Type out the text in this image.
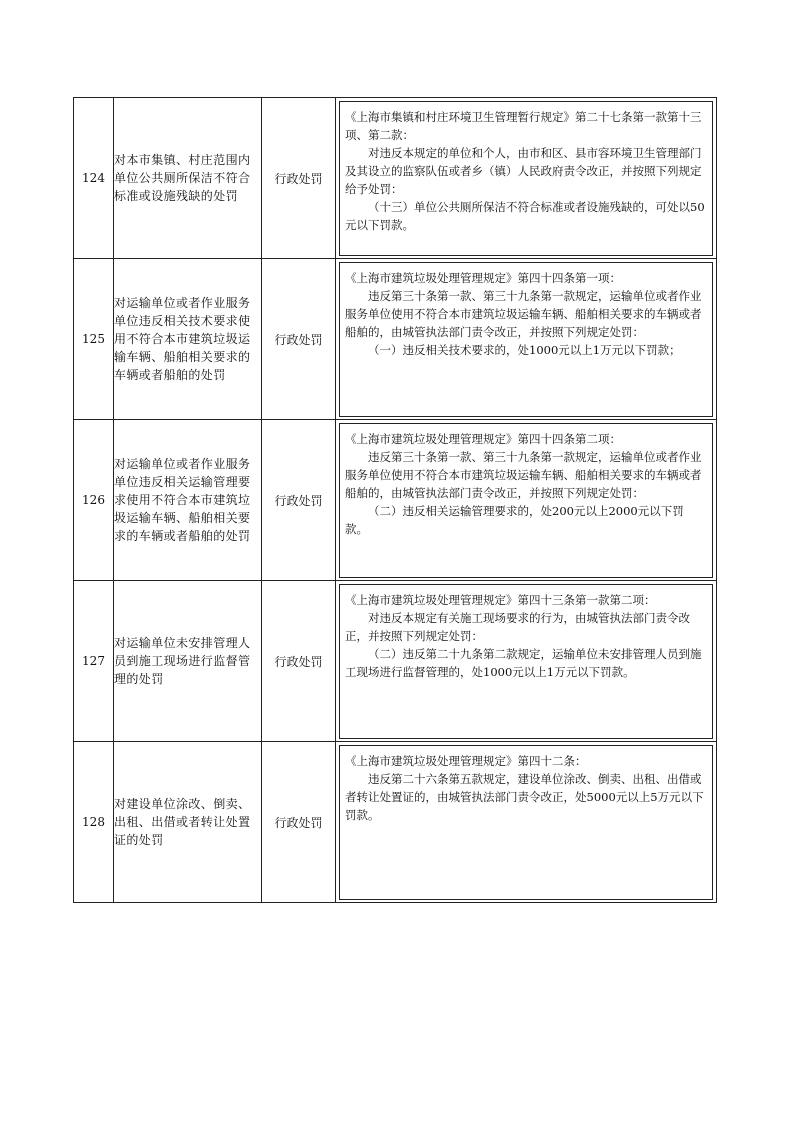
124	对本市集镇、村庄范围内单位公共厕所保洁不符合标准或设施残缺的处罚	行政处罚	《上海市集镇和村庄环境卫生管理暂行规定》第二十七条第一款第十三项、第二款：

对违反本规定的单位和个人，由市和区、县市容环境卫生管理部门及其设立的监察队伍或者乡（镇）人民政府责令改正，并按照下列规定给予处罚：

（十三）单位公共厕所保洁不符合标准或者设施残缺的，可处以50元以下罚款。

125	对运输单位或者作业服务单位违反相关技术要求使用不符合本市建筑垃圾运输车辆、船舶相关要求的车辆或者船舶的处罚	行政处罚	《上海市建筑垃圾处理管理规定》第四十四条第一项：

违反第三十条第一款、第三十九条第一款规定，运输单位或者作业服务单位使用不符合本市建筑垃圾运输车辆、船舶相关要求的车辆或者船舶的，由城管执法部门责令改正，并按照下列规定处罚：

（一）违反相关技术要求的，处1000元以上1万元以下罚款；

126	对运输单位或者作业服务单位违反相关运输管理要求使用不符合本市建筑垃圾运输车辆、船舶相关要求的车辆或者船舶的处罚	行政处罚	《上海市建筑垃圾处理管理规定》第四十四条第二项：

违反第三十条第一款、第三十九条第一款规定，运输单位或者作业服务单位使用不符合本市建筑垃圾运输车辆、船舶相关要求的车辆或者船舶的，由城管执法部门责令改正，并按照下列规定处罚：

（二）违反相关运输管理要求的，处200元以上2000元以下罚款。

127	对运输单位未安排管理人员到施工现场进行监督管理的处罚	行政处罚	《上海市建筑垃圾处理管理规定》第四十三条第一款第二项：

对违反本规定有关施工现场要求的行为，由城管执法部门责令改正，并按照下列规定处罚：

（二）违反第二十九条第二款规定，运输单位未安排管理人员到施工现场进行监督管理的，处1000元以上1万元以下罚款。

128	对建设单位涂改、倒卖、出租、出借或者转让处置证的处罚	行政处罚	《上海市建筑垃圾处理管理规定》第四十二条：

违反第二十六条第五款规定，建设单位涂改、倒卖、出租、出借或者转让处置证的，由城管执法部门责令改正，处5000元以上5万元以下罚款。
